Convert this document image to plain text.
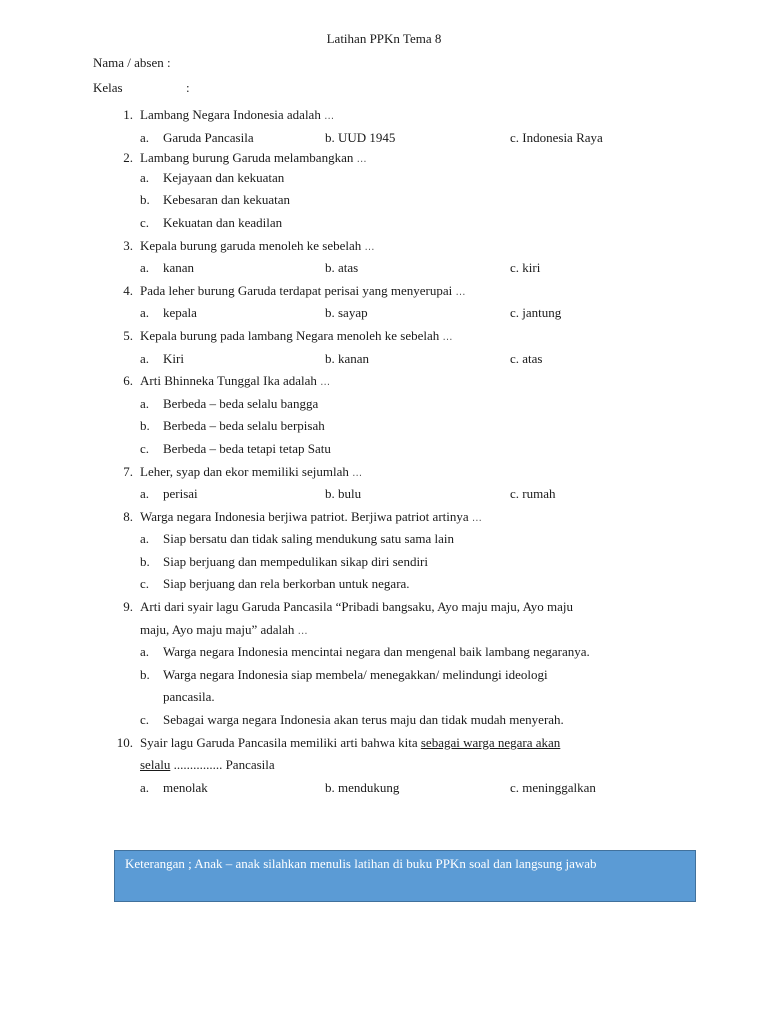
Latihan PPKn Tema 8
Nama / absen :
Kelas	:
1. Lambang Negara Indonesia adalah …
a. Garuda Pancasila	b. UUD 1945	c. Indonesia Raya
2. Lambang burung Garuda melambangkan …
a. Kejayaan dan kekuatan
b. Kebesaran dan kekuatan
c. Kekuatan dan keadilan
3. Kepala burung garuda menoleh ke sebelah …
a. kanan	b. atas	c. kiri
4. Pada leher burung Garuda terdapat perisai yang menyerupai …
a. kepala	b. sayap	c. jantung
5. Kepala burung pada lambang Negara menoleh ke sebelah …
a. Kiri	b. kanan	c. atas
6. Arti Bhinneka Tunggal Ika adalah …
a. Berbeda – beda selalu bangga
b. Berbeda – beda selalu berpisah
c. Berbeda – beda tetapi tetap Satu
7. Leher, syap dan ekor memiliki sejumlah …
a. perisai	b. bulu	c. rumah
8. Warga negara Indonesia berjiwa patriot. Berjiwa patriot artinya …
a. Siap bersatu dan tidak saling mendukung satu sama lain
b. Siap berjuang dan mempedulikan sikap diri sendiri
c. Siap berjuang dan rela berkorban untuk negara.
9. Arti dari syair lagu Garuda Pancasila “Pribadi bangsaku, Ayo maju maju, Ayo maju
maju, Ayo maju maju” adalah …
a. Warga negara Indonesia mencintai negara dan mengenal baik lambang negaranya.
b. Warga negara Indonesia siap membela/ menegakkan/ melindungi ideologi
pancasila.
c. Sebagai warga negara Indonesia akan terus maju dan tidak mudah menyerah.
10. Syair lagu Garuda Pancasila memiliki arti bahwa kita sebagai warga negara akan
selalu ............... Pancasila
a. menolak	b. mendukung	c. meninggalkan
Keterangan ; Anak – anak silahkan menulis latihan di buku PPKn soal dan langsung jawab
